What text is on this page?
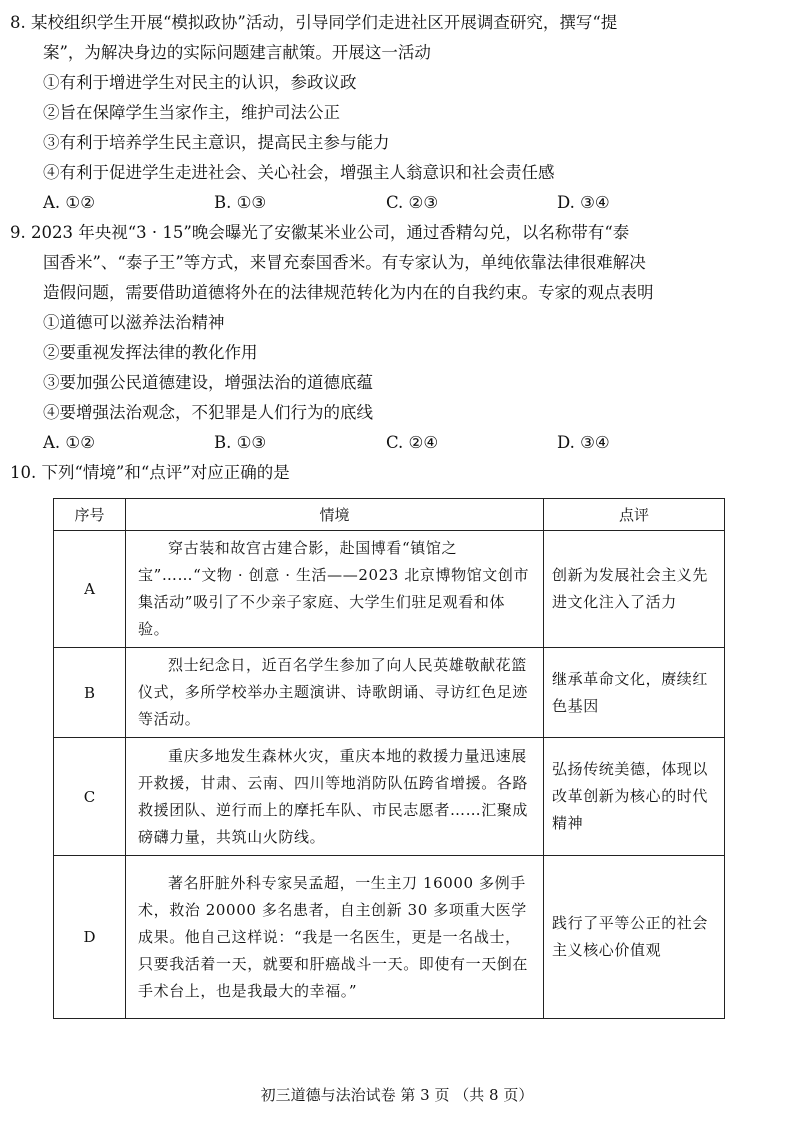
8. 某校组织学生开展“模拟政协”活动，引导同学们走进社区开展调查研究，撰写“提
案”，为解决身边的实际问题建言献策。开展这一活动
①有利于增进学生对民主的认识，参政议政
②旨在保障学生当家作主，维护司法公正
③有利于培养学生民主意识，提高民主参与能力
④有利于促进学生走进社会、关心社会，增强主人翁意识和社会责任感
A. ①②	B. ①③	C. ②③	D. ③④
9. 2023 年央视“3 · 15”晚会曝光了安徽某米业公司，通过香精勾兑，以名称带有“泰
国香米”、“泰子王”等方式，来冒充泰国香米。有专家认为，单纯依靠法律很难解决
造假问题，需要借助道德将外在的法律规范转化为内在的自我约束。专家的观点表明
①道德可以滋养法治精神
②要重视发挥法律的教化作用
③要加强公民道德建设，增强法治的道德底蕴
④要增强法治观念，不犯罪是人们行为的底线
A. ①②	B. ①③	C. ②④	D. ③④
10. 下列“情境”和“点评”对应正确的是
序号	情境	点评
A	穿古装和故宫古建合影，赴国博看“镇馆之宝”……“文物 · 创意 · 生活——2023 北京博物馆文创市集活动”吸引了不少亲子家庭、大学生们驻足观看和体验。	创新为发展社会主义先进文化注入了活力
B	烈士纪念日，近百名学生参加了向人民英雄敬献花篮仪式，多所学校举办主题演讲、诗歌朗诵、寻访红色足迹等活动。	继承革命文化，赓续红色基因
C	重庆多地发生森林火灾，重庆本地的救援力量迅速展开救援，甘肃、云南、四川等地消防队伍跨省增援。各路救援团队、逆行而上的摩托车队、市民志愿者……汇聚成磅礴力量，共筑山火防线。	弘扬传统美德，体现以改革创新为核心的时代精神
D	著名肝脏外科专家吴孟超，一生主刀 16000 多例手术，救治 20000 多名患者，自主创新 30 多项重大医学成果。他自己这样说：“我是一名医生，更是一名战士，只要我活着一天，就要和肝癌战斗一天。即使有一天倒在手术台上，也是我最大的幸福。”	践行了平等公正的社会主义核心价值观
初三道德与法治试卷 第 3 页 （共 8 页）
